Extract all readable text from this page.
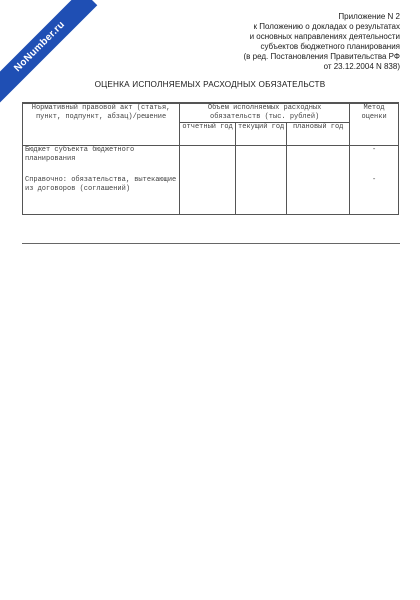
NoNumber.ru
Приложение N 2
к Положению о докладах о результатах
и основных направлениях деятельности
субъектов бюджетного планирования
(в ред. Постановления Правительства РФ
от 23.12.2004 N 838)
ОЦЕНКА ИСПОЛНЯЕМЫХ РАСХОДНЫХ ОБЯЗАТЕЛЬСТВ
Нормативный правовой акт (статья, пункт, подпункт, абзац)/решение	Объем исполняемых расходных обязательств (тыс. рублей)			Метод оценки
	отчетный год	текущий год	плановый год	
Бюджет субъекта бюджетного планирования				-
Справочно: обязательства, вытекающие из договоров (соглашений)				-
